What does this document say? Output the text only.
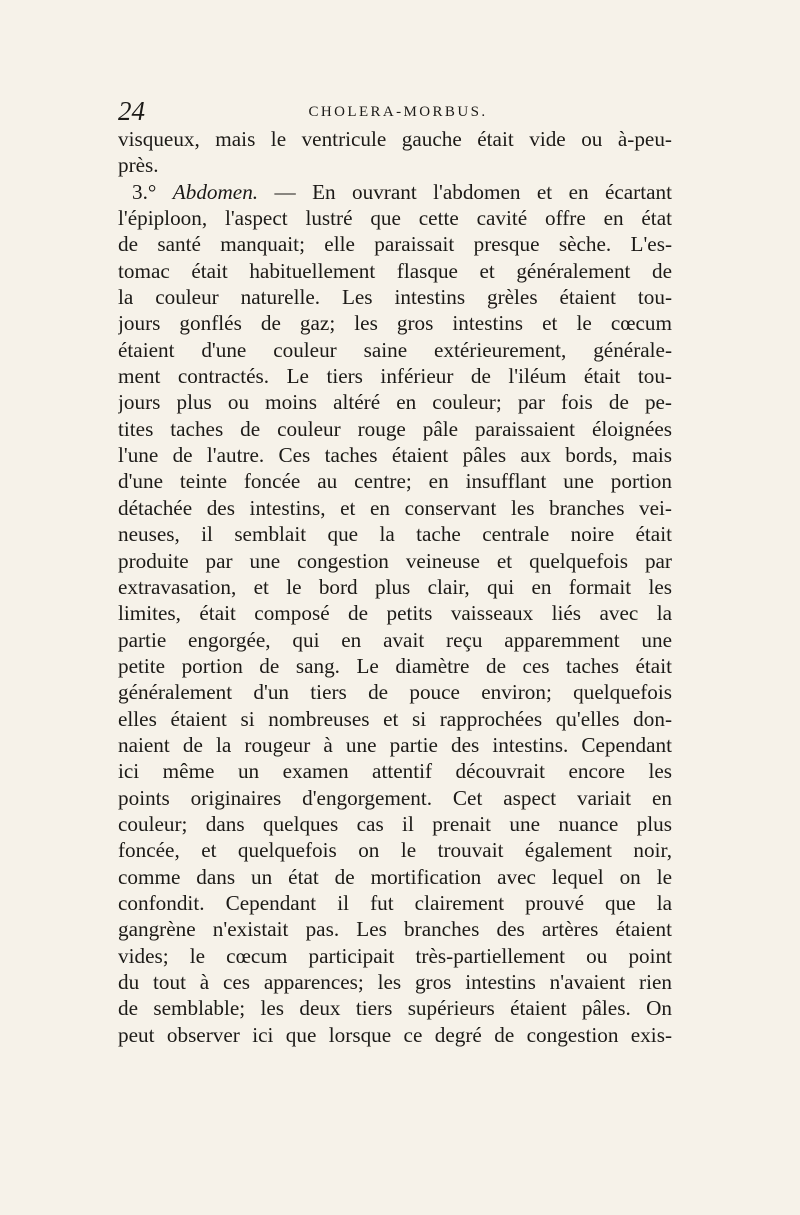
24	CHOLERA-MORBUS.
visqueux, mais le ventricule gauche était vide ou à-peu-
près.
3.° Abdomen. — En ouvrant l'abdomen et en écartant
l'épiploon, l'aspect lustré que cette cavité offre en état
de santé manquait; elle paraissait presque sèche. L'es-
tomac était habituellement flasque et généralement de
la couleur naturelle. Les intestins grèles étaient tou-
jours gonflés de gaz; les gros intestins et le cœcum
étaient d'une couleur saine extérieurement, générale-
ment contractés. Le tiers inférieur de l'iléum était tou-
jours plus ou moins altéré en couleur; par fois de pe-
tites taches de couleur rouge pâle paraissaient éloignées
l'une de l'autre. Ces taches étaient pâles aux bords, mais
d'une teinte foncée au centre; en insufflant une portion
détachée des intestins, et en conservant les branches vei-
neuses, il semblait que la tache centrale noire était
produite par une congestion veineuse et quelquefois par
extravasation, et le bord plus clair, qui en formait les
limites, était composé de petits vaisseaux liés avec la
partie engorgée, qui en avait reçu apparemment une
petite portion de sang. Le diamètre de ces taches était
généralement d'un tiers de pouce environ; quelquefois
elles étaient si nombreuses et si rapprochées qu'elles don-
naient de la rougeur à une partie des intestins. Cependant
ici même un examen attentif découvrait encore les
points originaires d'engorgement. Cet aspect variait en
couleur; dans quelques cas il prenait une nuance plus
foncée, et quelquefois on le trouvait également noir,
comme dans un état de mortification avec lequel on le
confondit. Cependant il fut clairement prouvé que la
gangrène n'existait pas. Les branches des artères étaient
vides; le cœcum participait très-partiellement ou point
du tout à ces apparences; les gros intestins n'avaient rien
de semblable; les deux tiers supérieurs étaient pâles. On
peut observer ici que lorsque ce degré de congestion exis-
